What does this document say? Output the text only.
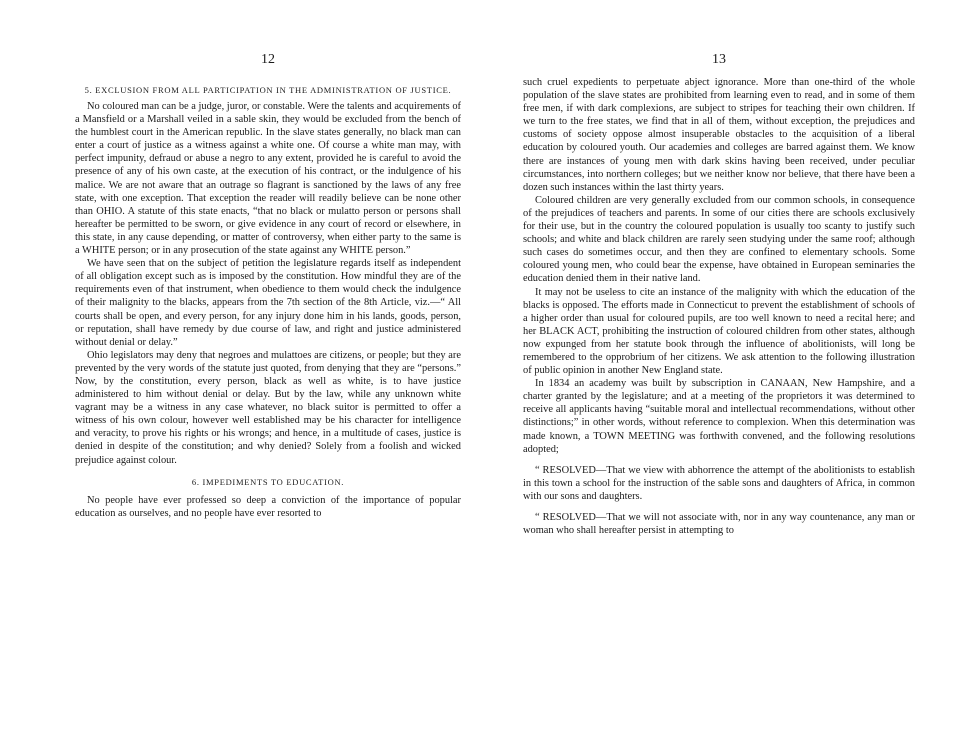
12
5. EXCLUSION FROM ALL PARTICIPATION IN THE ADMINISTRATION OF JUSTICE.

No coloured man can be a judge, juror, or constable. Were the talents and acquirements of a Mansfield or a Marshall veiled in a sable skin, they would be excluded from the bench of the humblest court in the American republic. In the slave states generally, no black man can enter a court of justice as a witness against a white one. Of course a white man may, with perfect impunity, defraud or abuse a negro to any extent, provided he is careful to avoid the presence of any of his own caste, at the execution of his contract, or the indulgence of his malice. We are not aware that an outrage so flagrant is sanctioned by the laws of any free state, with one exception. That exception the reader will readily believe can be none other than OHIO. A statute of this state enacts, “that no black or mulatto person or persons shall hereafter be permitted to be sworn, or give evidence in any court of record or elsewhere, in this state, in any cause depending, or matter of controversy, when either party to the same is a WHITE person; or in any prosecution of the state against any WHITE person.”

We have seen that on the subject of petition the legislature regards itself as independent of all obligation except such as is imposed by the constitution. How mindful they are of the requirements even of that instrument, when obedience to them would check the indulgence of their malignity to the blacks, appears from the 7th section of the 8th Article, viz.—“ All courts shall be open, and every person, for any injury done him in his lands, goods, person, or reputation, shall have remedy by due course of law, and right and justice administered without denial or delay.”

Ohio legislators may deny that negroes and mulattoes are citizens, or people; but they are prevented by the very words of the statute just quoted, from denying that they are “persons.” Now, by the constitution, every person, black as well as white, is to have justice administered to him without denial or delay. But by the law, while any unknown white vagrant may be a witness in any case whatever, no black suitor is permitted to offer a witness of his own colour, however well established may be his character for intelligence and veracity, to prove his rights or his wrongs; and hence, in a multitude of cases, justice is denied in despite of the constitution; and why denied? Solely from a foolish and wicked prejudice against colour.

6. IMPEDIMENTS TO EDUCATION.

No people have ever professed so deep a conviction of the importance of popular education as ourselves, and no people have ever resorted to

13

such cruel expedients to perpetuate abject ignorance. More than one-third of the whole population of the slave states are prohibited from learning even to read, and in some of them free men, if with dark complexions, are subject to stripes for teaching their own children. If we turn to the free states, we find that in all of them, without exception, the prejudices and customs of society oppose almost insuperable obstacles to the acquisition of a liberal education by coloured youth. Our academies and colleges are barred against them. We know there are instances of young men with dark skins having been received, under peculiar circumstances, into northern colleges; but we neither know nor believe, that there have been a dozen such instances within the last thirty years.

Coloured children are very generally excluded from our common schools, in consequence of the prejudices of teachers and parents. In some of our cities there are schools exclusively for their use, but in the country the coloured population is usually too scanty to justify such schools; and white and black children are rarely seen studying under the same roof; although such cases do sometimes occur, and then they are confined to elementary schools. Some coloured young men, who could bear the expense, have obtained in European seminaries the education denied them in their native land.

It may not be useless to cite an instance of the malignity with which the education of the blacks is opposed. The efforts made in Connecticut to prevent the establishment of schools of a higher order than usual for coloured pupils, are too well known to need a recital here; and her BLACK ACT, prohibiting the instruction of coloured children from other states, although now expunged from her statute book through the influence of abolitionists, will long be remembered to the opprobrium of her citizens. We ask attention to the following illustration of public opinion in another New England state.

In 1834 an academy was built by subscription in CANAAN, New Hampshire, and a charter granted by the legislature; and at a meeting of the proprietors it was determined to receive all applicants having “suitable moral and intellectual recommendations, without other distinctions;” in other words, without reference to complexion. When this determination was made known, a TOWN MEETING was forthwith convened, and the following resolutions adopted;

“ RESOLVED—That we view with abhorrence the attempt of the abolitionists to establish in this town a school for the instruction of the sable sons and daughters of Africa, in common with our sons and daughters.

“ RESOLVED—That we will not associate with, nor in any way countenance, any man or woman who shall hereafter persist in attempting to
